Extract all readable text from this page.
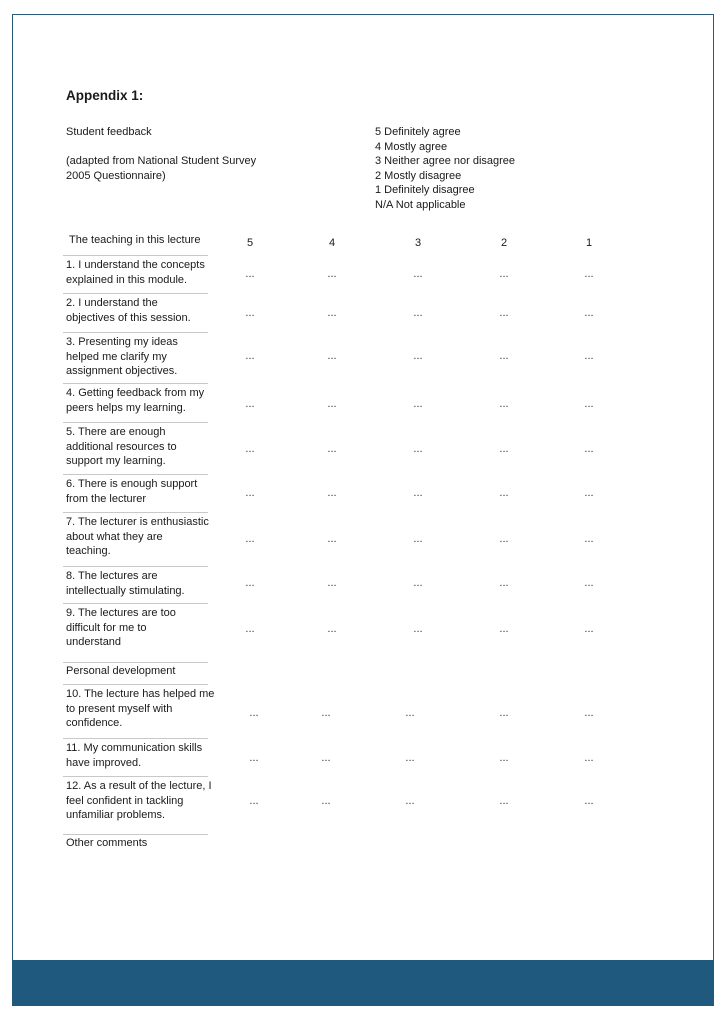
Appendix 1:
Student feedback
(adapted from National Student Survey
2005 Questionnaire)
5 Definitely agree
4 Mostly agree
3 Neither agree nor disagree
2 Mostly disagree
1 Definitely disagree
N/A Not applicable
The teaching in this lecture	5	4	3	2	1
1. I understand the concepts
explained in this module.	...	...	...	...	...
2. I understand the
objectives of this session.	...	...	...	...	...
3. Presenting my ideas
helped me clarify my
assignment objectives.
...	...	...	...	...
4. Getting feedback from my
peers helps my learning.	...	...	...	...	...
5. There are enough
additional resources to
support my learning.
...	...	...	...	...
6. There is enough support
from the lecturer	...	...	...	...	...
7. The lecturer is enthusiastic
about what they are
teaching.
...	...	...	...	...
8. The lectures are
intellectually stimulating.
...	...	...	...	...
9. The lectures are too
difficult for me to
understand
...	...	...	...	...
10. The lecture has helped me
to present myself with
confidence.
...	...	...	...	...
11. My communication skills
have improved.	...	...	...	...	...
12. As a result of the lecture, I
feel confident in tackling
unfamiliar problems.
...	...	...	...	...
Personal development
Other comments
